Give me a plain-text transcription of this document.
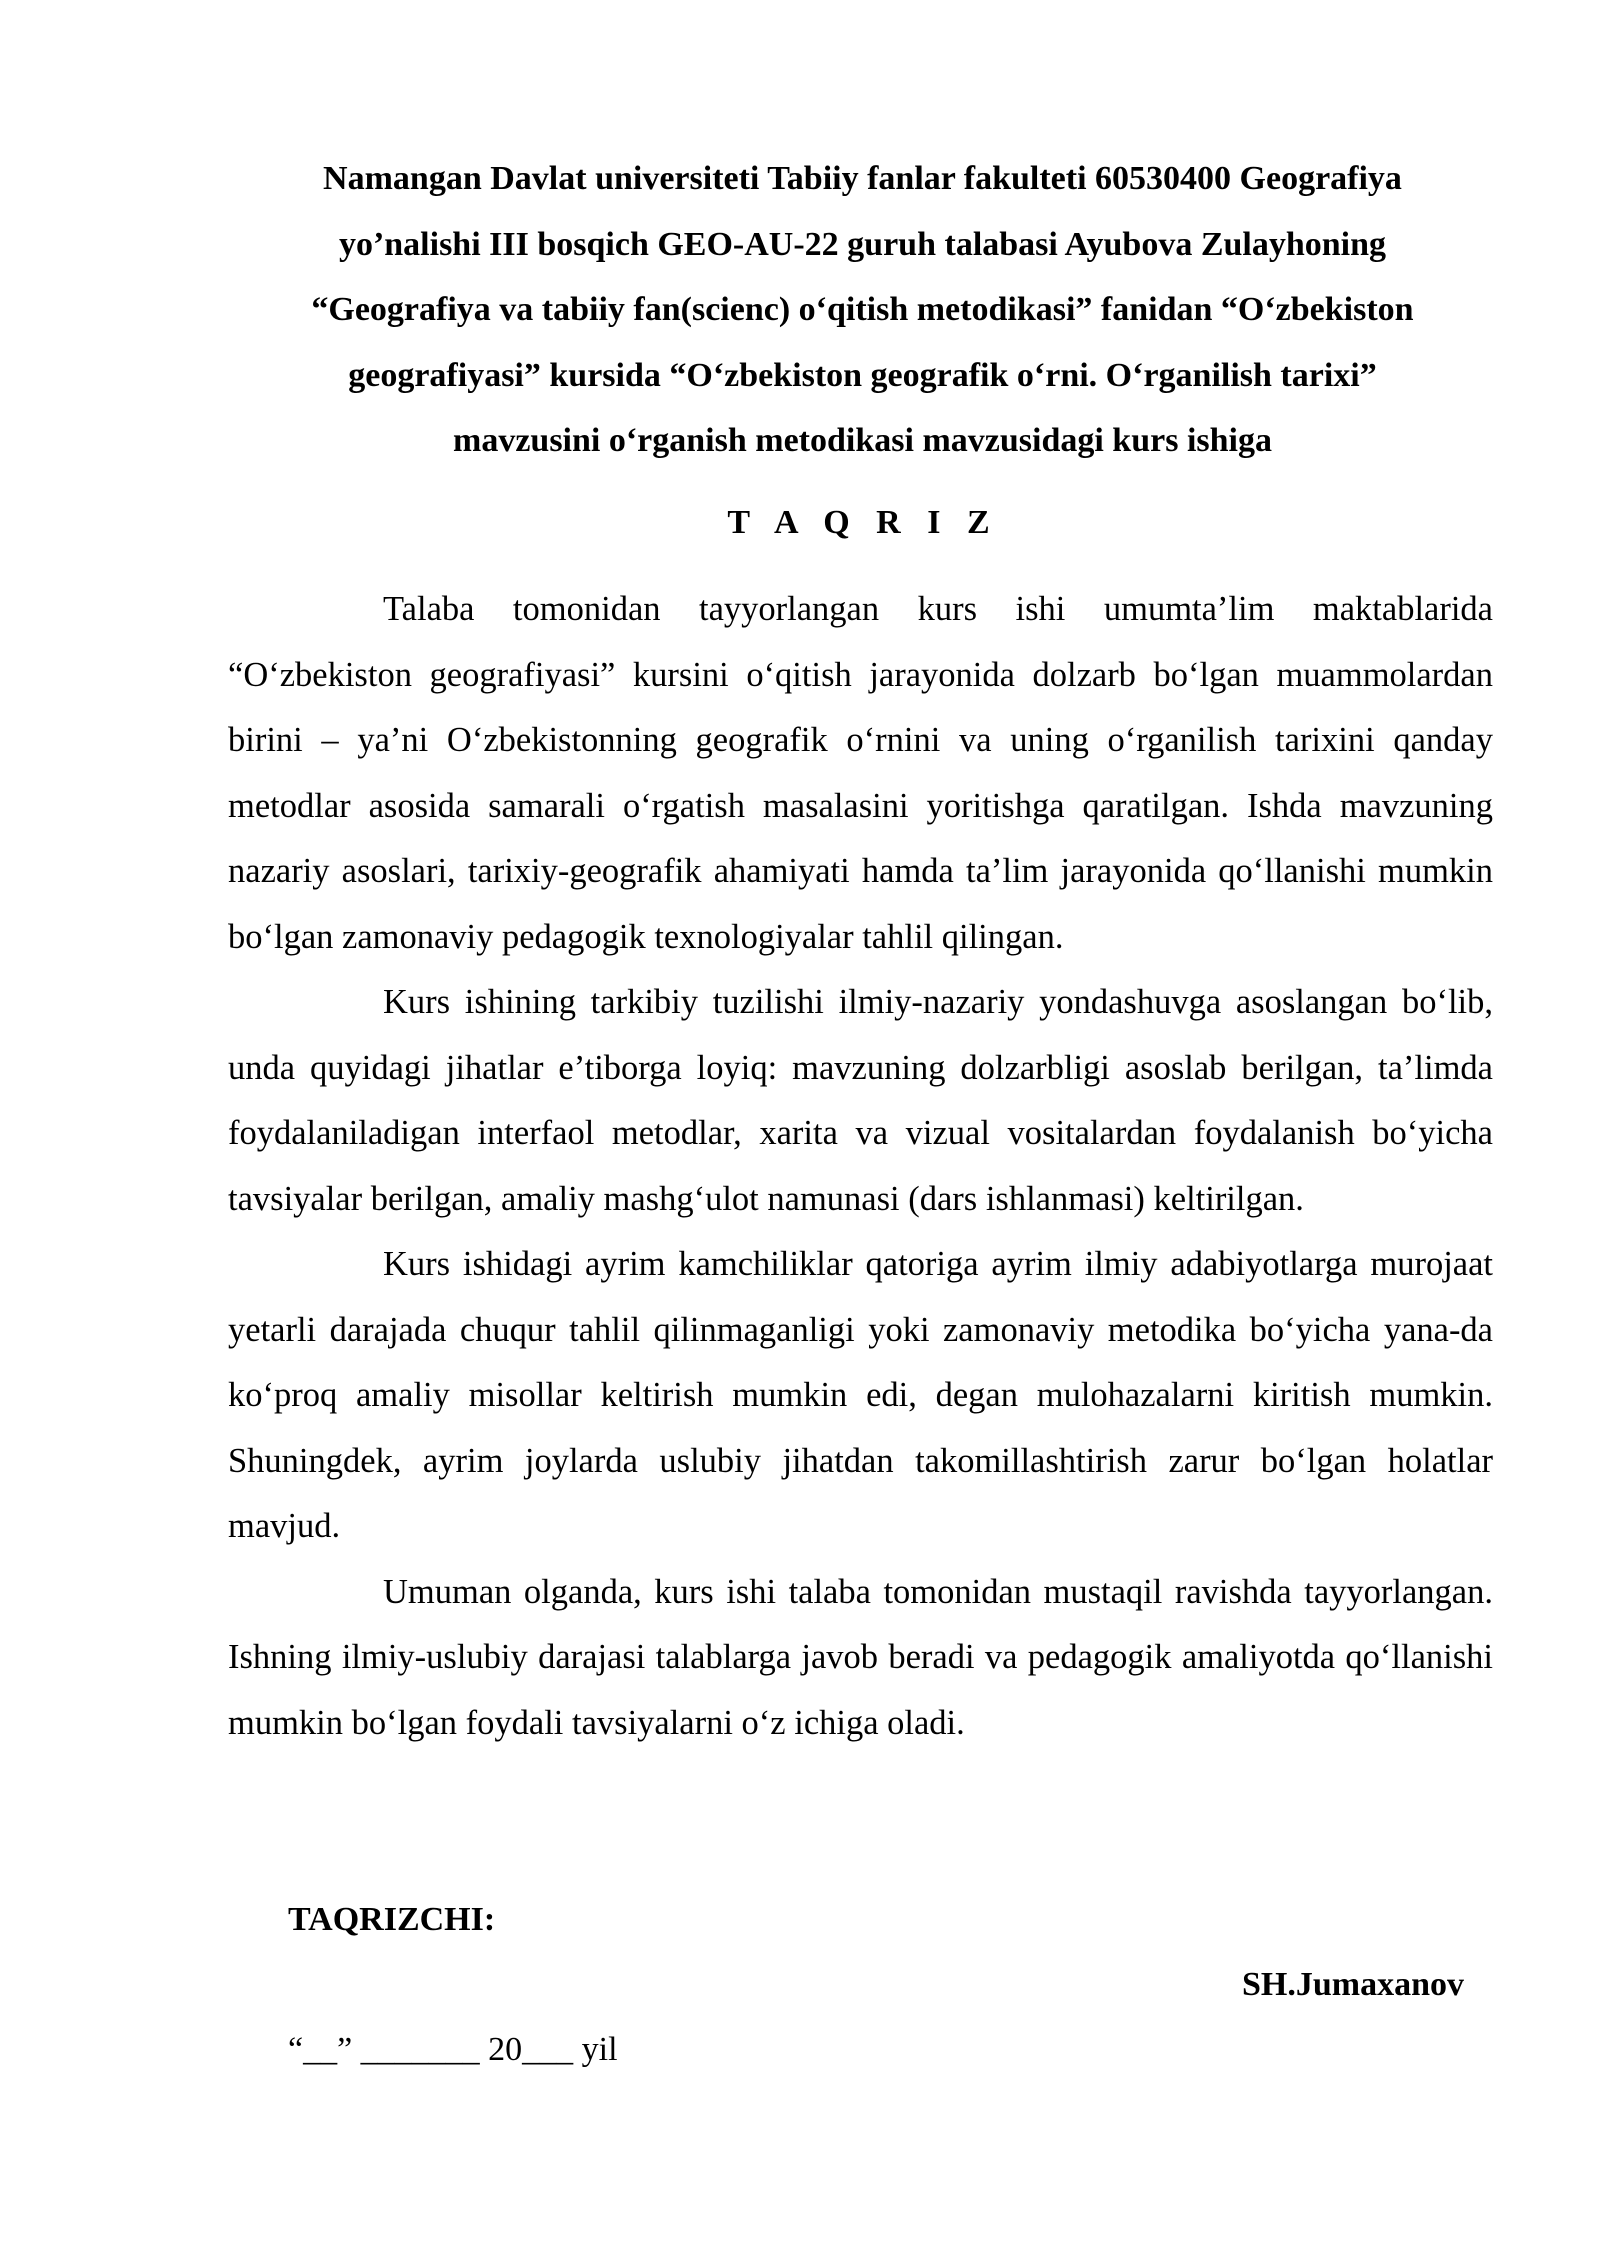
Namangan Davlat universiteti Tabiiy fanlar fakulteti 60530400 Geografiya
yo’nalishi III bosqich GEO-AU-22 guruh talabasi Ayubova Zulayhoning
“Geografiya va tabiiy fan(scienc) o‘qitish metodikasi” fanidan “O‘zbekiston
geografiyasi” kursida “O‘zbekiston geografik o‘rni. O‘rganilish tarixi”
mavzusini o‘rganish metodikasi mavzusidagi kurs ishiga
T A Q R I Z

Talaba tomonidan tayyorlangan kurs ishi umumta’lim maktablarida “O‘zbekiston geografiyasi” kursini o‘qitish jarayonida dolzarb bo‘lgan muammolardan birini – ya’ni O‘zbekistonning geografik o‘rnini va uning o‘rganilish tarixini qanday metodlar asosida samarali o‘rgatish masalasini yoritishga qaratilgan. Ishda mavzuning nazariy asoslari, tarixiy-geografik ahamiyati hamda ta’lim jarayonida qo‘llanishi mumkin bo‘lgan zamonaviy pedagogik texnologiyalar tahlil qilingan.

Kurs ishining tarkibiy tuzilishi ilmiy-nazariy yondashuvga asoslangan bo‘lib, unda quyidagi jihatlar e’tiborga loyiq: mavzuning dolzarbligi asoslab berilgan, ta’limda foydalaniladigan interfaol metodlar, xarita va vizual vositalardan foydalanish bo‘yicha tavsiyalar berilgan, amaliy mashg‘ulot namunasi (dars ishlanmasi) keltirilgan.

Kurs ishidagi ayrim kamchiliklar qatoriga ayrim ilmiy adabiyotlarga murojaat yetarli darajada chuqur tahlil qilinmaganligi yoki zamonaviy metodika bo‘yicha yana-da ko‘proq amaliy misollar keltirish mumkin edi, degan mulohazalarni kiritish mumkin. Shuningdek, ayrim joylarda uslubiy jihatdan takomillashtirish zarur bo‘lgan holatlar mavjud.

Umuman olganda, kurs ishi talaba tomonidan mustaqil ravishda tayyorlangan. Ishning ilmiy-uslubiy darajasi talablarga javob beradi va pedagogik amaliyotda qo‘llanishi mumkin bo‘lgan foydali tavsiyalarni o‘z ichiga oladi.

TAQRIZCHI:

SH.Jumaxanov

“__” _______ 20___ yil
